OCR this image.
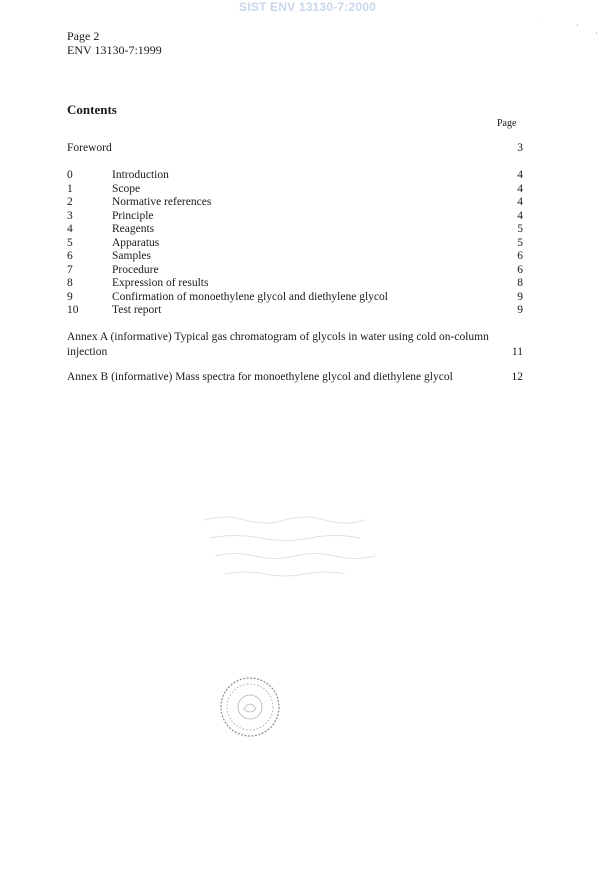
SIST ENV 13130-7:2000
Page 2
ENV 13130-7:1999
Contents
Page
Foreword	3
0	Introduction	4
1	Scope	4
2	Normative references	4
3	Principle	4
4	Reagents	5
5	Apparatus	5
6	Samples	6
7	Procedure	6
8	Expression of results	8
9	Confirmation of monoethylene glycol and diethylene glycol	9
10	Test report	9
Annex A (informative) Typical gas chromatogram of glycols in water using cold on-column injection	11
Annex B (informative) Mass spectra for monoethylene glycol and diethylene glycol	12
·
·
·
